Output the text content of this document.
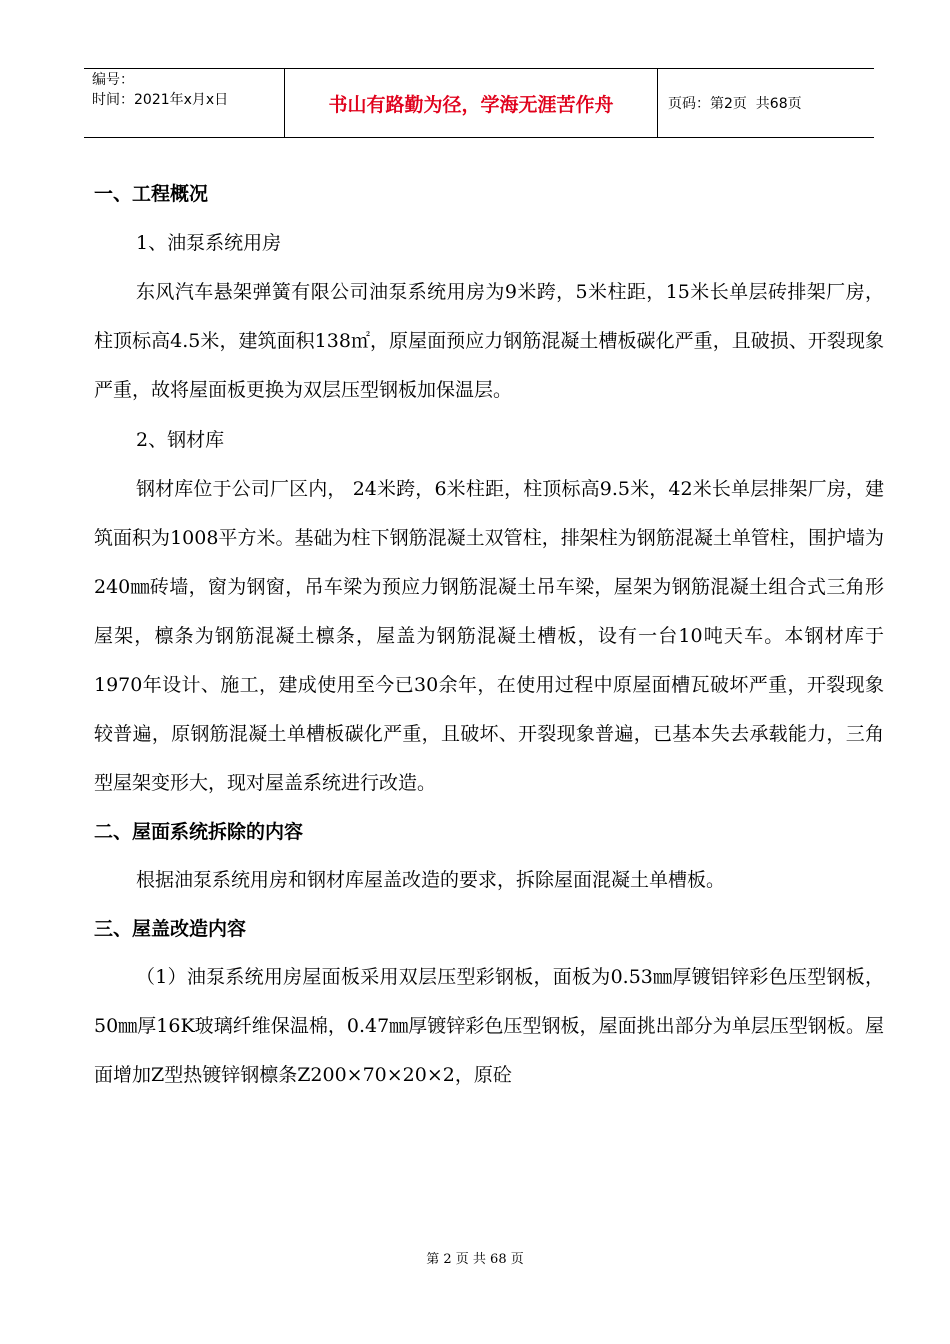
编号：
时间：2021年x月x日	书山有路勤为径，学海无涯苦作舟	页码：第2页  共68页
一、工程概况

1、油泵系统用房

东风汽车悬架弹簧有限公司油泵系统用房为9米跨，5米柱距，15米长单层砖排架厂房，柱顶标高4.5米，建筑面积138㎡，原屋面预应力钢筋混凝土槽板碳化严重，且破损、开裂现象严重，故将屋面板更换为双层压型钢板加保温层。

2、钢材库

钢材库位于公司厂区内， 24米跨，6米柱距，柱顶标高9.5米，42米长单层排架厂房，建筑面积为1008平方米。基础为柱下钢筋混凝土双管柱，排架柱为钢筋混凝土单管柱，围护墙为240㎜砖墙，窗为钢窗，吊车梁为预应力钢筋混凝土吊车梁，屋架为钢筋混凝土组合式三角形屋架，檩条为钢筋混凝土檩条，屋盖为钢筋混凝土槽板，设有一台10吨天车。本钢材库于1970年设计、施工，建成使用至今已30余年，在使用过程中原屋面槽瓦破坏严重，开裂现象较普遍，原钢筋混凝土单槽板碳化严重，且破坏、开裂现象普遍，已基本失去承载能力，三角型屋架变形大，现对屋盖系统进行改造。

二、屋面系统拆除的内容

根据油泵系统用房和钢材库屋盖改造的要求，拆除屋面混凝土单槽板。

三、屋盖改造内容

（1）油泵系统用房屋面板采用双层压型彩钢板，面板为0.53㎜厚镀铝锌彩色压型钢板，50㎜厚16K玻璃纤维保温棉，0.47㎜厚镀锌彩色压型钢板，屋面挑出部分为单层压型钢板。屋面增加Z型热镀锌钢檩条Z200×70×20×2，原砼

第 2 页 共 68 页
